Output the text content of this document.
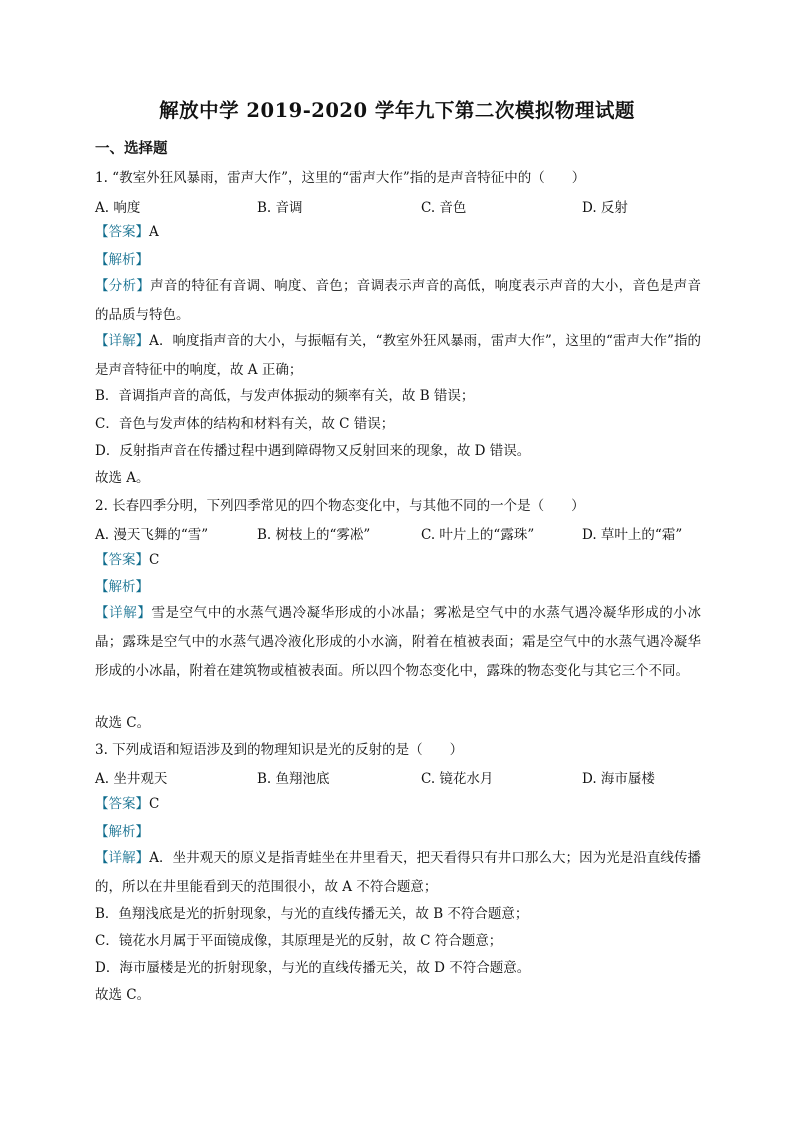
解放中学 2019-2020 学年九下第二次模拟物理试题
一、选择题
1. “教室外狂风暴雨，雷声大作”，这里的“雷声大作”指的是声音特征中的（　　）
A. 响度	B. 音调	C. 音色	D. 反射
【答案】A
【解析】
【分析】声音的特征有音调、响度、音色；音调表示声音的高低，响度表示声音的大小，音色是声音的品质与特色。
【详解】A．响度指声音的大小，与振幅有关，“教室外狂风暴雨，雷声大作”，这里的“雷声大作”指的是声音特征中的响度，故 A 正确；
B．音调指声音的高低，与发声体振动的频率有关，故 B 错误；
C．音色与发声体的结构和材料有关，故 C 错误；
D．反射指声音在传播过程中遇到障碍物又反射回来的现象，故 D 错误。
故选 A。
2. 长春四季分明，下列四季常见的四个物态变化中，与其他不同的一个是（　　）
A. 漫天飞舞的“雪”	B. 树枝上的“雾凇”	C. 叶片上的“露珠”	D. 草叶上的“霜”
【答案】C
【解析】
【详解】雪是空气中的水蒸气遇冷凝华形成的小冰晶；雾凇是空气中的水蒸气遇冷凝华形成的小冰晶；露珠是空气中的水蒸气遇冷液化形成的小水滴，附着在植被表面；霜是空气中的水蒸气遇冷凝华形成的小冰晶，附着在建筑物或植被表面。所以四个物态变化中，露珠的物态变化与其它三个不同。
故选 C。
3. 下列成语和短语涉及到的物理知识是光的反射的是（　　）
A. 坐井观天	B. 鱼翔池底	C. 镜花水月	D. 海市蜃楼
【答案】C
【解析】
【详解】A．坐井观天的原义是指青蛙坐在井里看天，把天看得只有井口那么大；因为光是沿直线传播的，所以在井里能看到天的范围很小，故 A 不符合题意；
B．鱼翔浅底是光的折射现象，与光的直线传播无关，故 B 不符合题意；
C．镜花水月属于平面镜成像，其原理是光的反射，故 C 符合题意；
D．海市蜃楼是光的折射现象，与光的直线传播无关，故 D 不符合题意。
故选 C。
